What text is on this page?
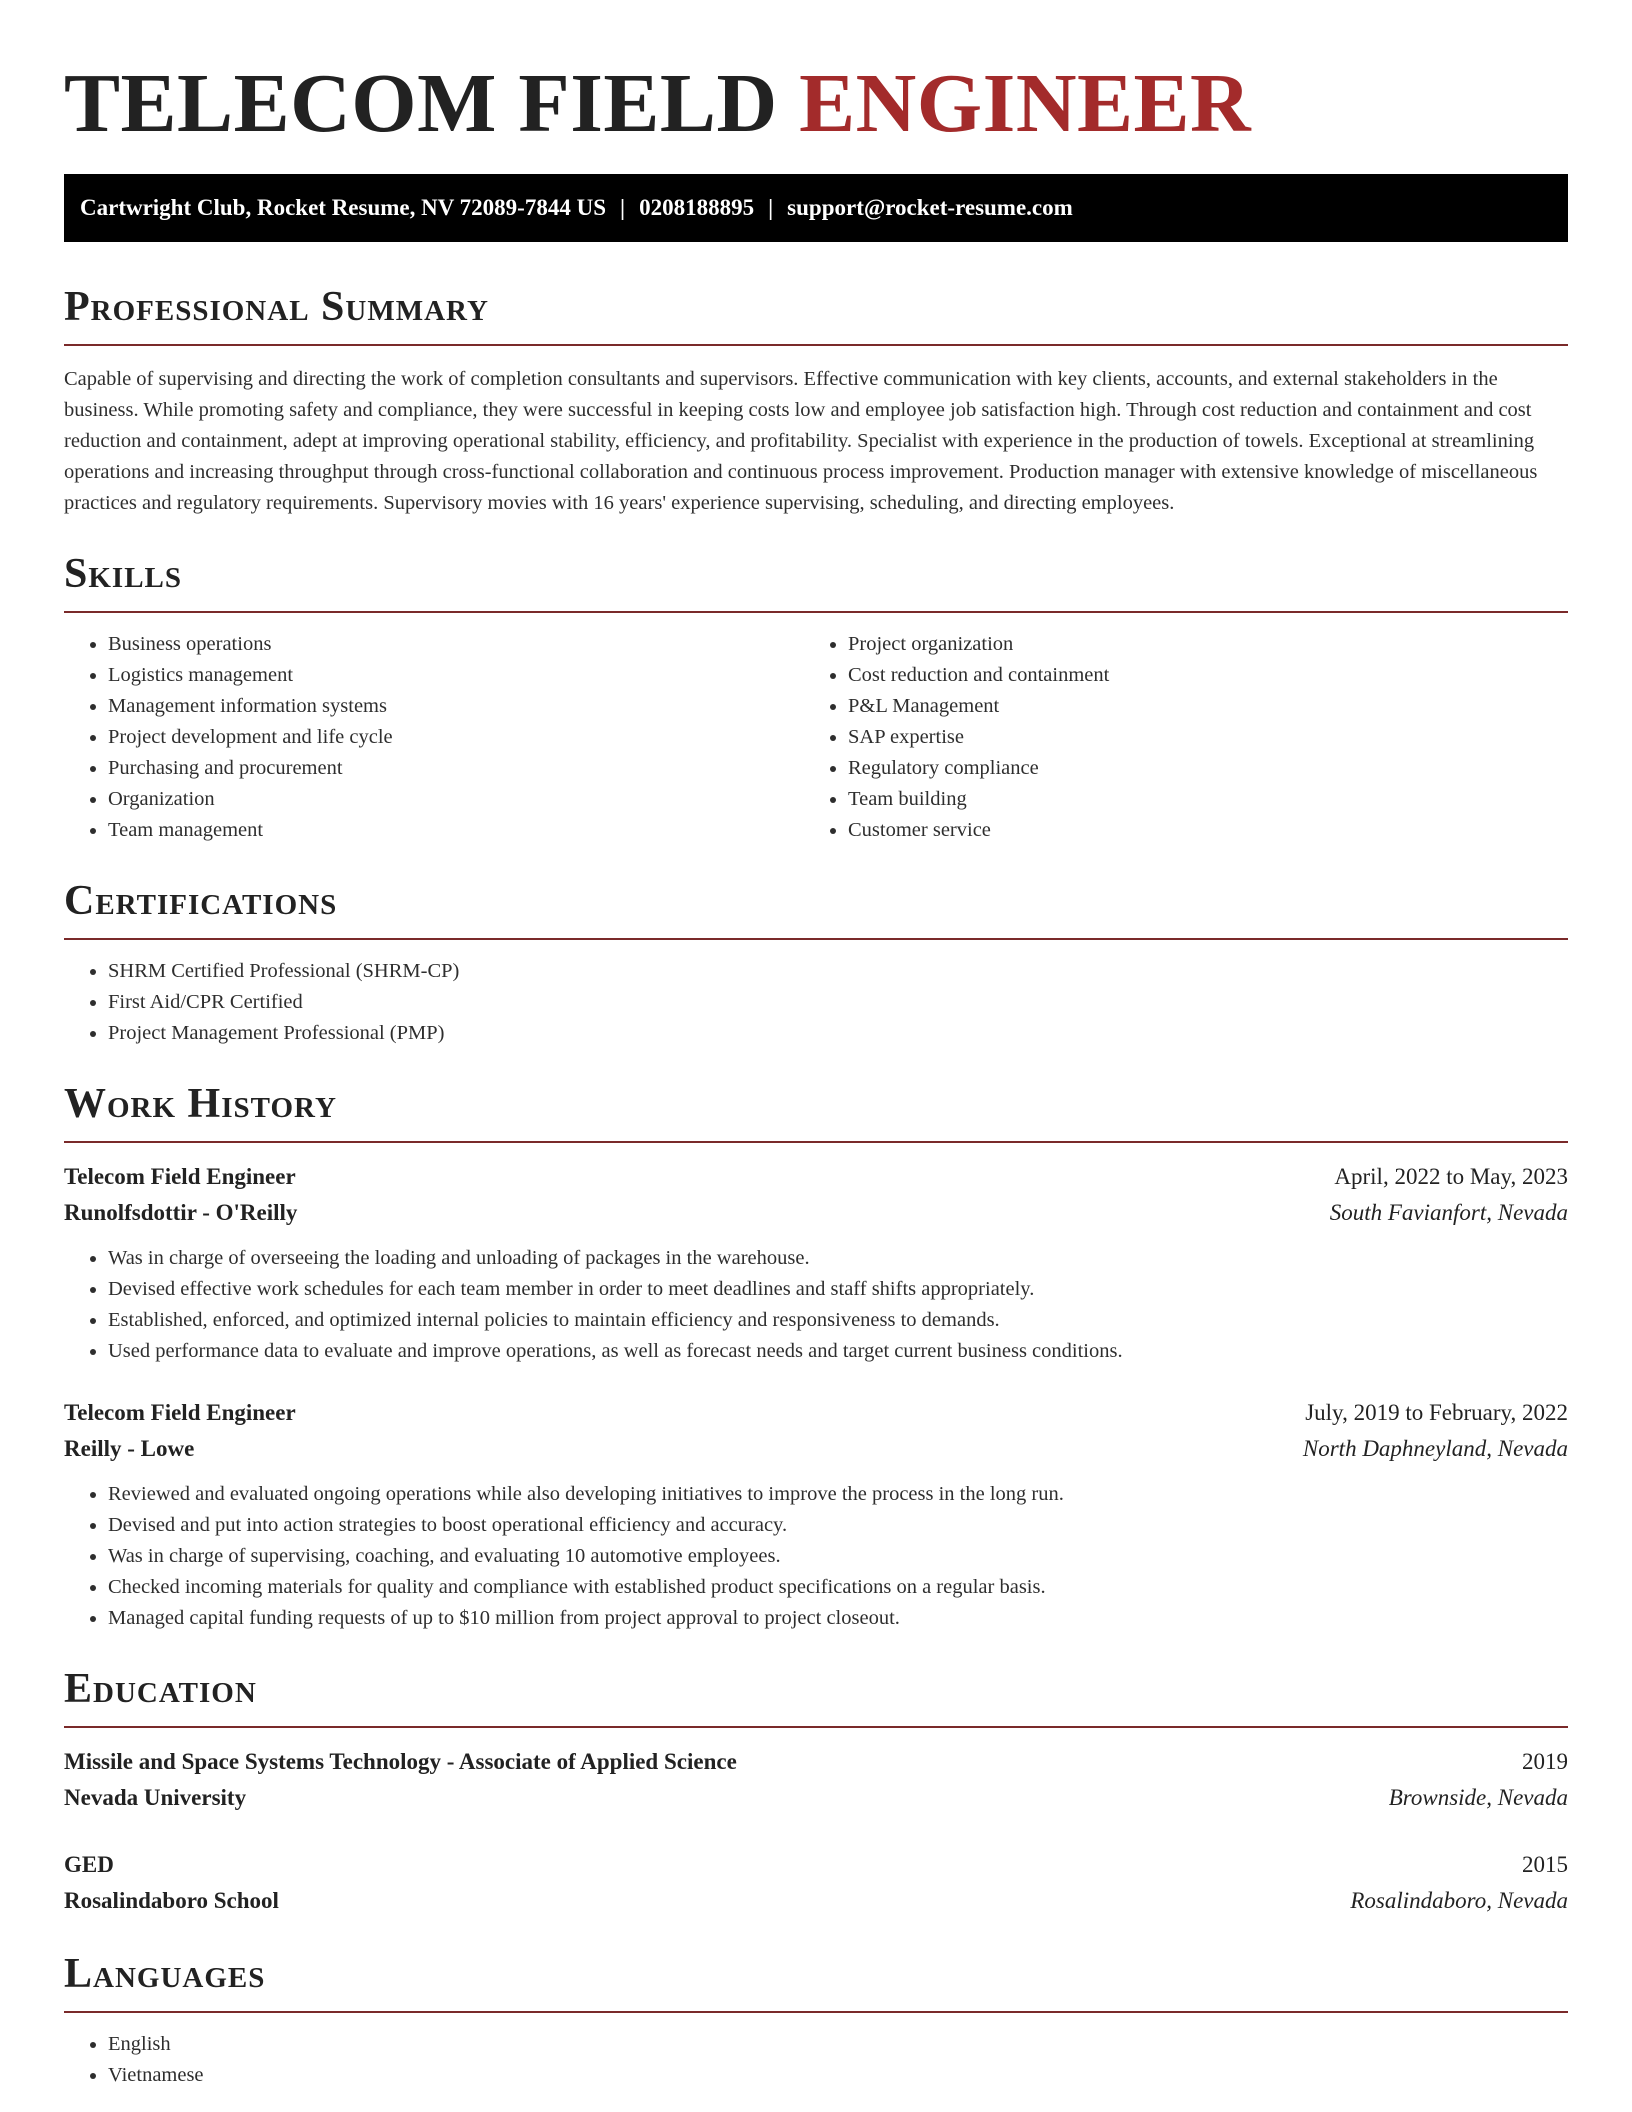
TELECOM FIELD ENGINEER
Cartwright Club, Rocket Resume, NV 72089-7844 US | 0208188895 | support@rocket-resume.com
Professional Summary

Capable of supervising and directing the work of completion consultants and supervisors. Effective communication with key clients, accounts, and external stakeholders in the business. While promoting safety and compliance, they were successful in keeping costs low and employee job satisfaction high. Through cost reduction and containment and cost reduction and containment, adept at improving operational stability, efficiency, and profitability. Specialist with experience in the production of towels. Exceptional at streamlining operations and increasing throughput through cross-functional collaboration and continuous process improvement. Production manager with extensive knowledge of miscellaneous practices and regulatory requirements. Supervisory movies with 16 years' experience supervising, scheduling, and directing employees.

Skills
• Business operations
• Logistics management
• Management information systems
• Project development and life cycle
• Purchasing and procurement
• Organization
• Team management
• Project organization
• Cost reduction and containment
• P&L Management
• SAP expertise
• Regulatory compliance
• Team building
• Customer service
Certifications
• SHRM Certified Professional (SHRM-CP)
• First Aid/CPR Certified
• Project Management Professional (PMP)
Work History
Telecom Field Engineer	April, 2022 to May, 2023
Runolfsdottir - O'Reilly	South Favianfort, Nevada
• Was in charge of overseeing the loading and unloading of packages in the warehouse.
• Devised effective work schedules for each team member in order to meet deadlines and staff shifts appropriately.
• Established, enforced, and optimized internal policies to maintain efficiency and responsiveness to demands.
• Used performance data to evaluate and improve operations, as well as forecast needs and target current business conditions.
Telecom Field Engineer	July, 2019 to February, 2022
Reilly - Lowe	North Daphneyland, Nevada
• Reviewed and evaluated ongoing operations while also developing initiatives to improve the process in the long run.
• Devised and put into action strategies to boost operational efficiency and accuracy.
• Was in charge of supervising, coaching, and evaluating 10 automotive employees.
• Checked incoming materials for quality and compliance with established product specifications on a regular basis.
• Managed capital funding requests of up to $10 million from project approval to project closeout.
Education
Missile and Space Systems Technology - Associate of Applied Science	2019
Nevada University	Brownside, Nevada
GED	2015
Rosalindaboro School	Rosalindaboro, Nevada
Languages
• English
• Vietnamese
